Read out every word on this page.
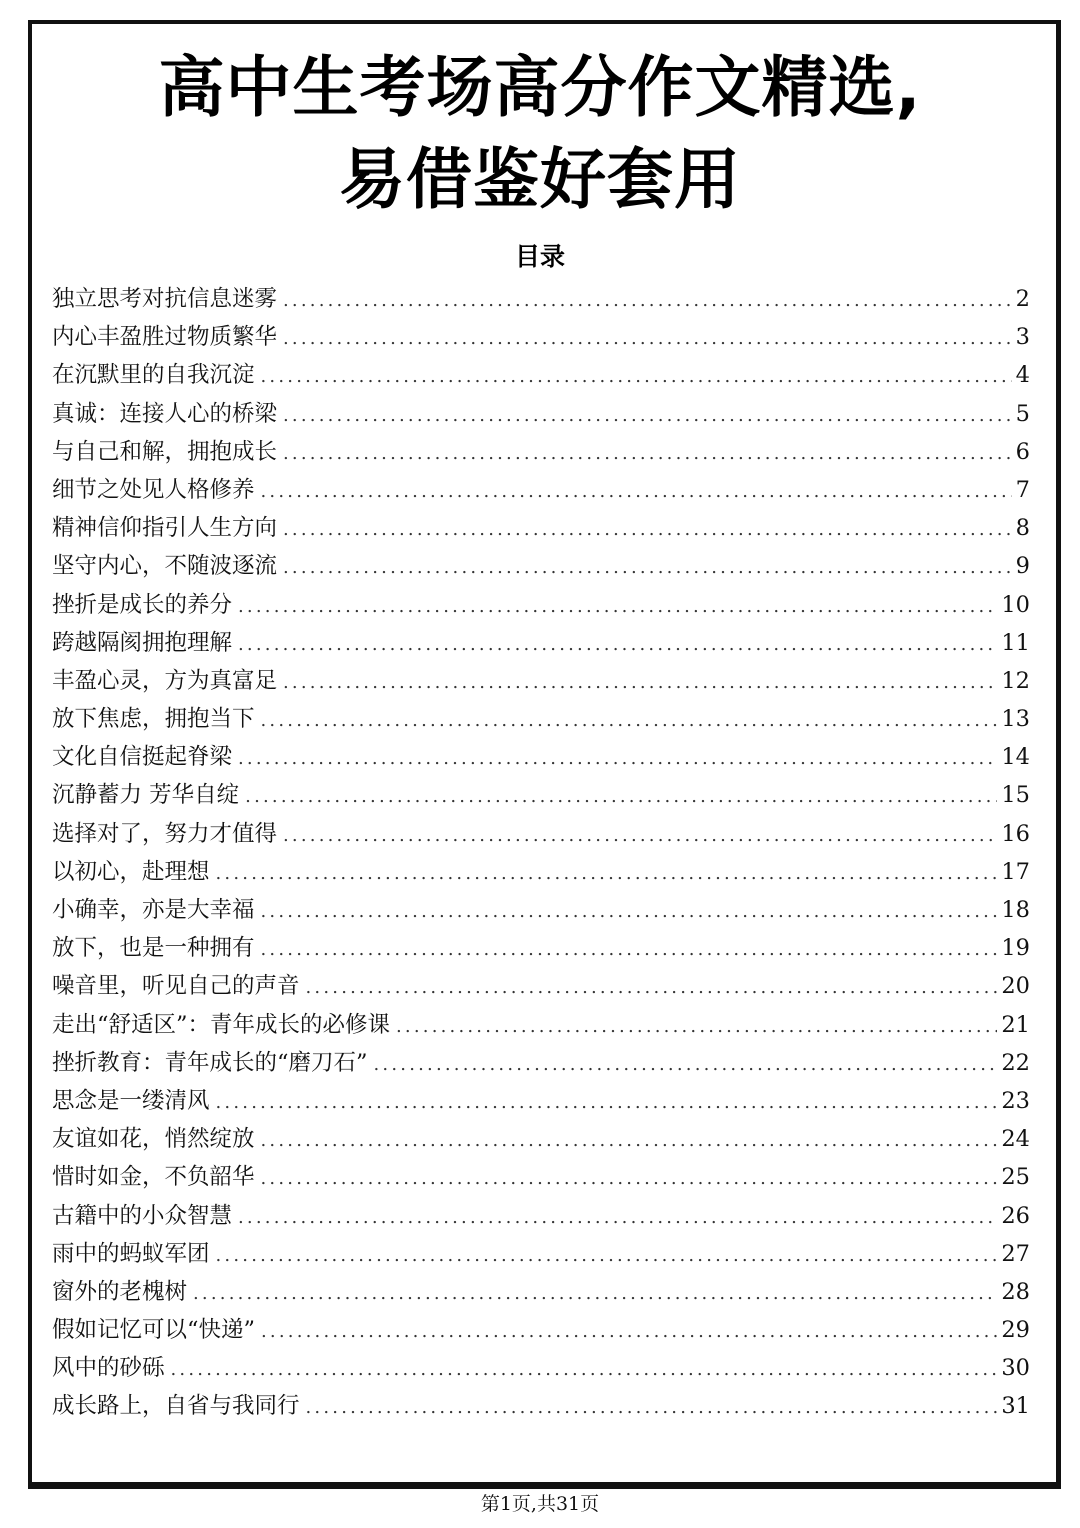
高中生考场高分作文精选,
易借鉴好套用
目录
独立思考对抗信息迷雾 .....	2
内心丰盈胜过物质繁华 .....	3
在沉默里的自我沉淀 .....	4
真诚：连接人心的桥梁 .....	5
与自己和解，拥抱成长 .....	6
细节之处见人格修养 .....	7
精神信仰指引人生方向 .....	8
坚守内心，不随波逐流 .....	9
挫折是成长的养分 .....	10
跨越隔阂拥抱理解 .....	11
丰盈心灵，方为真富足 .....	12
放下焦虑，拥抱当下 .....	13
文化自信挺起脊梁 .....	14
沉静蓄力 芳华自绽 .....	15
选择对了，努力才值得 .....	16
以初心，赴理想 .....	17
小确幸，亦是大幸福 .....	18
放下，也是一种拥有 .....	19
噪音里，听见自己的声音 .....	20
走出“舒适区”：青年成长的必修课 .....	21
挫折教育：青年成长的“磨刀石” .....	22
思念是一缕清风 .....	23
友谊如花，悄然绽放 .....	24
惜时如金，不负韶华 .....	25
古籍中的小众智慧 .....	26
雨中的蚂蚁军团 .....	27
窗外的老槐树 .....	28
假如记忆可以“快递” .....	29
风中的砂砾 .....	30
成长路上，自省与我同行 .....	31
第1页,共31页
